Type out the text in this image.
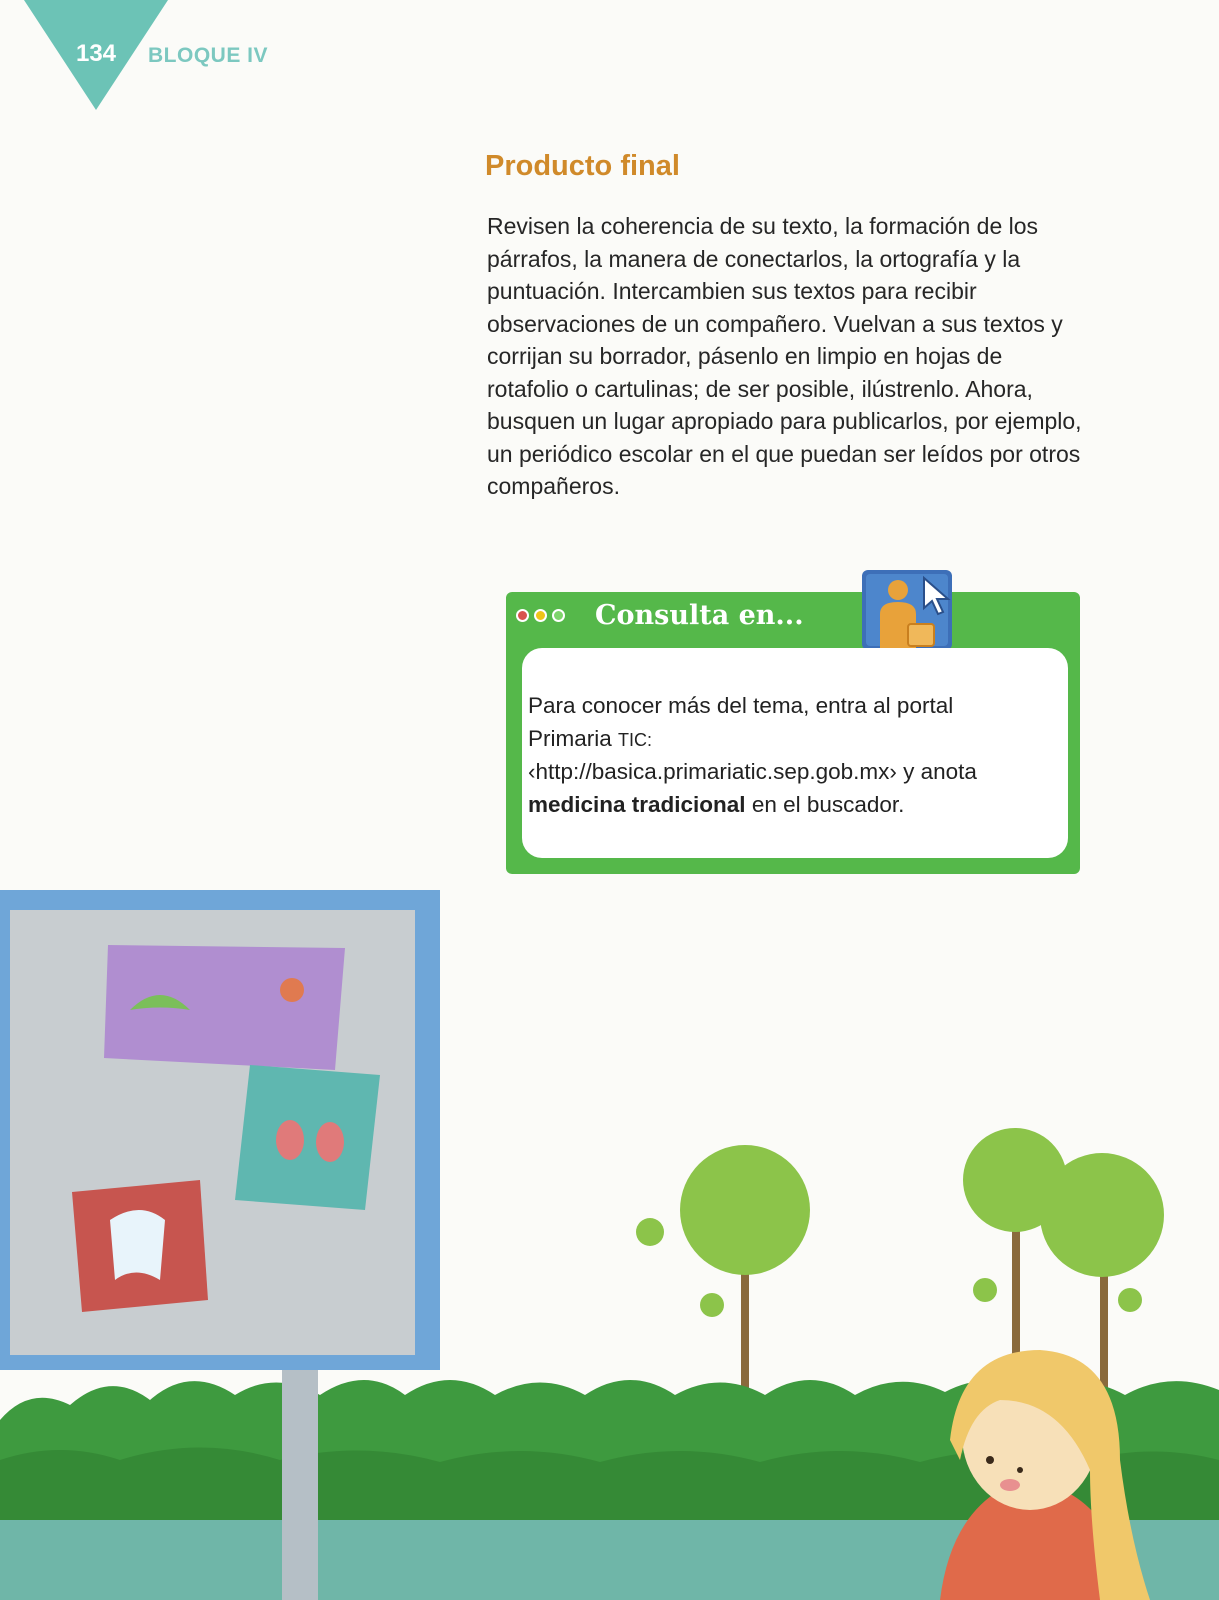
134	BLOQUE IV
Producto final

Revisen la coherencia de su texto, la formación de los párrafos, la manera de conectarlos, la ortografía y la puntuación. Intercambien sus textos para recibir observaciones de un compañero. Vuelvan a sus textos y corrijan su borrador, pásenlo en limpio en hojas de rotafolio o cartulinas; de ser posible, ilústrenlo. Ahora, busquen un lugar apropiado para publicarlos, por ejemplo, un periódico escolar en el que puedan ser leídos por otros compañeros.

Consulta en...

Para conocer más del tema, entra al portal
Primaria TIC:
‹http://basica.primariatic.sep.gob.mx› y anota
medicina tradicional en el buscador.
